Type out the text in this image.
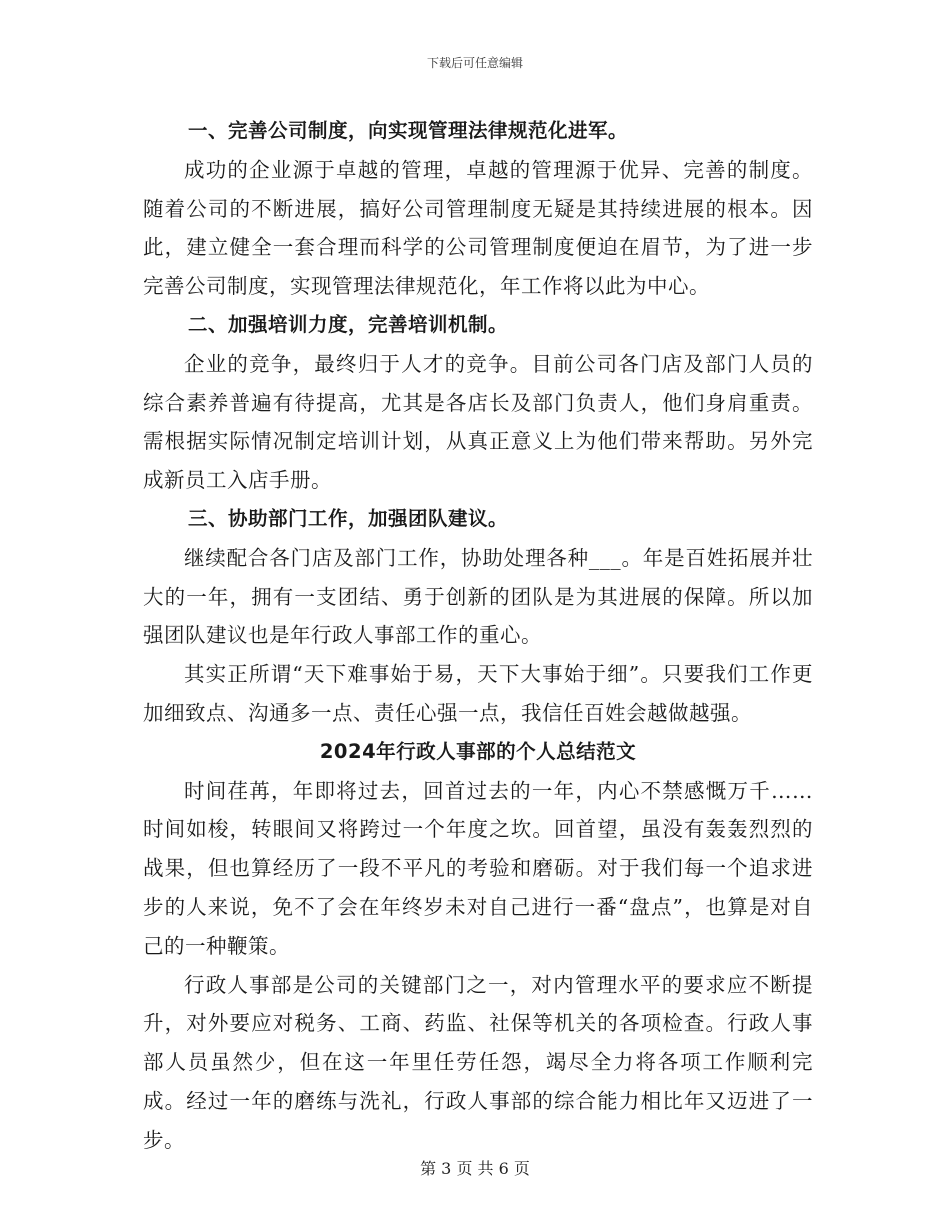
下载后可任意编辑

一、完善公司制度，向实现管理法律规范化进军。

成功的企业源于卓越的管理，卓越的管理源于优异、完善的制度。随着公司的不断进展，搞好公司管理制度无疑是其持续进展的根本。因此，建立健全一套合理而科学的公司管理制度便迫在眉节，为了进一步完善公司制度，实现管理法律规范化，年工作将以此为中心。

二、加强培训力度，完善培训机制。

企业的竞争，最终归于人才的竞争。目前公司各门店及部门人员的综合素养普遍有待提高，尤其是各店长及部门负责人，他们身肩重责。需根据实际情况制定培训计划，从真正意义上为他们带来帮助。另外完成新员工入店手册。

三、协助部门工作，加强团队建议。

继续配合各门店及部门工作，协助处理各种___。年是百姓拓展并壮大的一年，拥有一支团结、勇于创新的团队是为其进展的保障。所以加强团队建议也是年行政人事部工作的重心。

其实正所谓“天下难事始于易，天下大事始于细”。只要我们工作更加细致点、沟通多一点、责任心强一点，我信任百姓会越做越强。

2024年行政人事部的个人总结范文

时间荏苒，年即将过去，回首过去的一年，内心不禁感慨万千……时间如梭，转眼间又将跨过一个年度之坎。回首望，虽没有轰轰烈烈的战果，但也算经历了一段不平凡的考验和磨砺。对于我们每一个追求进步的人来说，免不了会在年终岁未对自己进行一番“盘点”，也算是对自己的一种鞭策。

行政人事部是公司的关键部门之一，对内管理水平的要求应不断提升，对外要应对税务、工商、药监、社保等机关的各项检查。行政人事部人员虽然少，但在这一年里任劳任怨，竭尽全力将各项工作顺利完成。经过一年的磨练与洗礼，行政人事部的综合能力相比年又迈进了一步。

第 3 页 共 6 页
